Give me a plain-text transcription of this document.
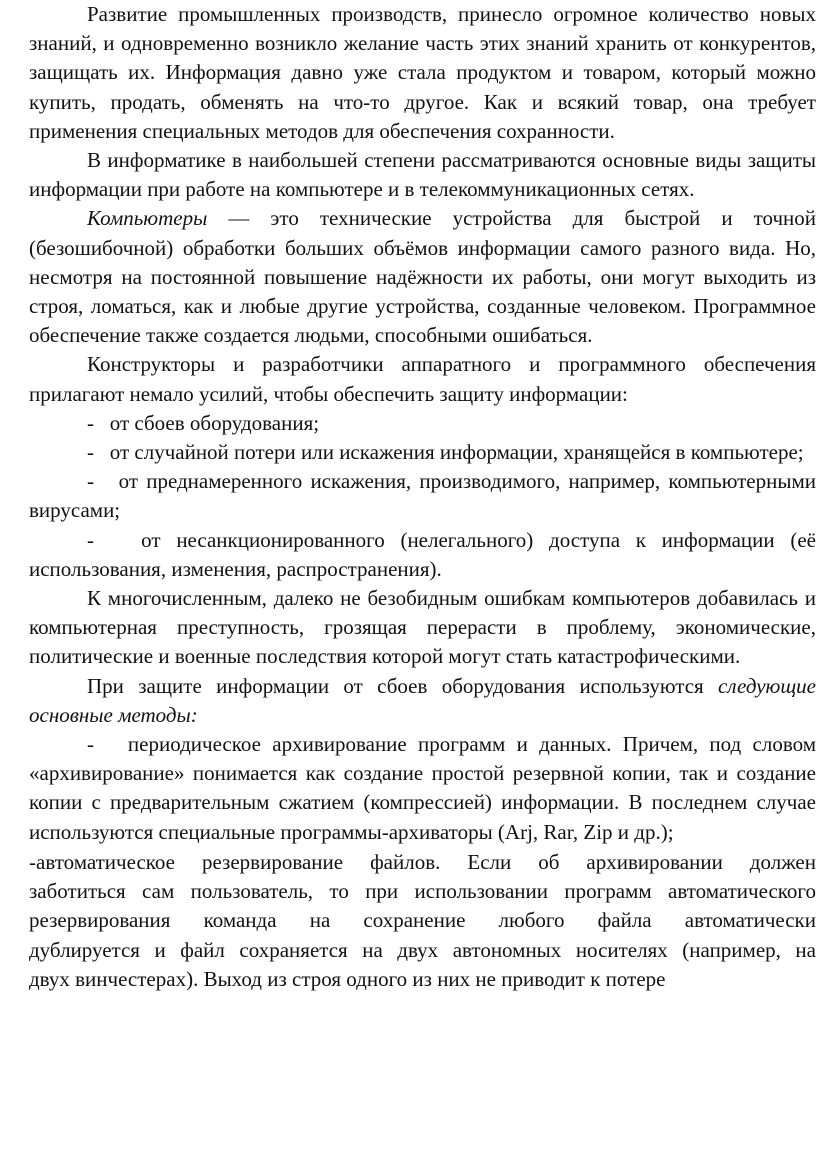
Развитие промышленных производств, принесло огромное количество новых знаний, и одновременно возникло желание часть этих знаний хранить от конкурентов, защищать их. Информация давно уже стала продуктом и товаром, который можно купить, продать, обменять на что-то другое. Как и всякий товар, она требует применения специальных методов для обеспечения сохранности.

В информатике в наибольшей степени рассматриваются основные виды защиты информации при работе на компьютере и в телекоммуникационных сетях.

Компьютеры — это технические устройства для быстрой и точной (безошибочной) обработки больших объёмов информации самого разного вида. Но, несмотря на постоянной повышение надёжности их работы, они могут выходить из строя, ломаться, как и любые другие устройства, созданные человеком. Программное обеспечение также создается людьми, способными ошибаться.

Конструкторы и разработчики аппаратного и программного обеспечения прилагают немало усилий, чтобы обеспечить защиту информации:

-   от сбоев оборудования;

-   от случайной потери или искажения информации, хранящейся в компьютере;

-   от преднамеренного искажения, производимого, например, компьютерными вирусами;

-   от несанкционированного (нелегального) доступа к информации (её использования, изменения, распространения).

К многочисленным, далеко не безобидным ошибкам компьютеров добавилась и компьютерная преступность, грозящая перерасти в проблему, экономические, политические и военные последствия которой могут стать катастрофическими.

При защите информации от сбоев оборудования используются следующие основные методы:

-   периодическое архивирование программ и данных. Причем, под словом «архивирование» понимается как создание простой резервной копии, так и создание копии с предварительным сжатием (компрессией) информации. В последнем случае используются специальные программы-архиваторы (Arj, Rar, Zip и др.);

-автоматическое резервирование файлов. Если об архивировании должен
заботиться сам пользователь, то при использовании программ автоматического
резервирования команда на сохранение любого файла автоматически
дублируется и файл сохраняется на двух автономных носителях (например, на
двух винчестерах). Выход из строя одного из них не приводит к потере
